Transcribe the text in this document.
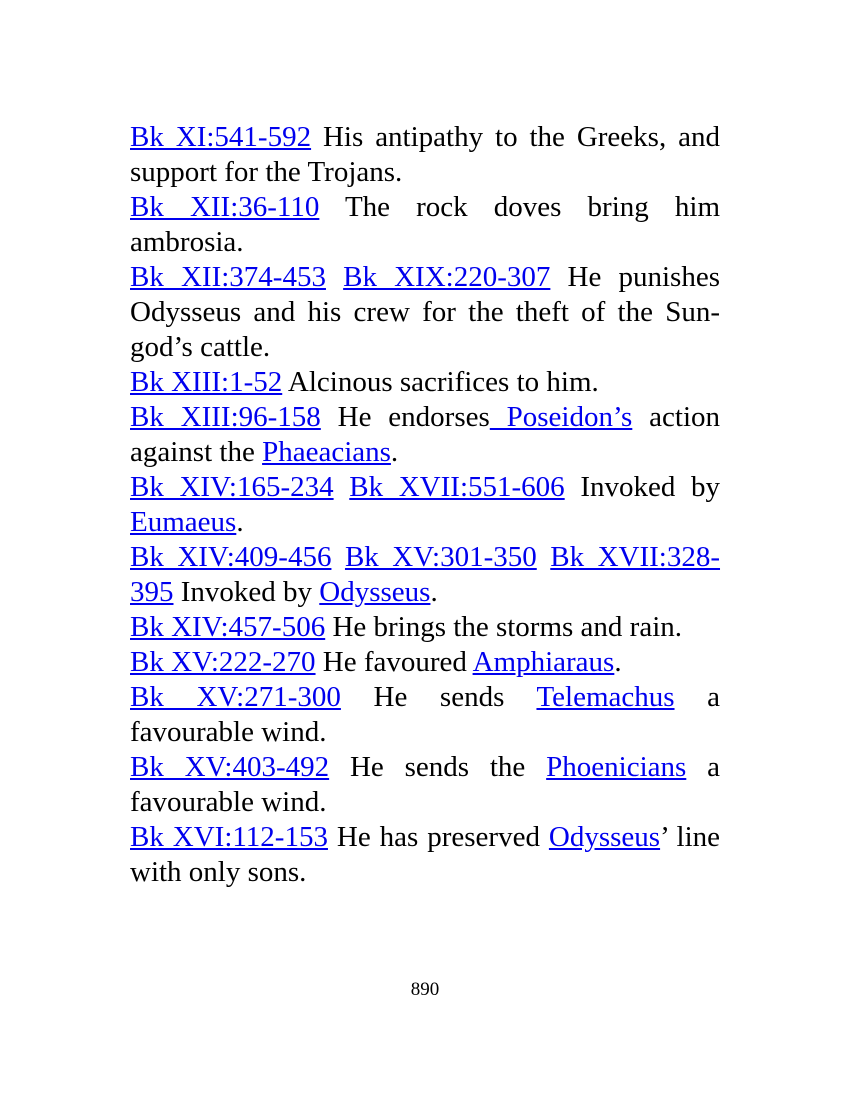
Bk XI:541-592 His antipathy to the Greeks, and support for the Trojans.

Bk XII:36-110 The rock doves bring him ambrosia.

Bk XII:374-453 Bk XIX:220-307 He punishes Odysseus and his crew for the theft of the Sun-god’s cattle.

Bk XIII:1-52 Alcinous sacrifices to him.

Bk XIII:96-158 He endorses Poseidon’s action against the Phaeacians.

Bk XIV:165-234 Bk XVII:551-606 Invoked by Eumaeus.

Bk XIV:409-456 Bk XV:301-350 Bk XVII:328-395 Invoked by Odysseus.

Bk XIV:457-506 He brings the storms and rain.

Bk XV:222-270 He favoured Amphiaraus.

Bk XV:271-300 He sends Telemachus a favourable wind.

Bk XV:403-492 He sends the Phoenicians a favourable wind.

Bk XVI:112-153 He has preserved Odysseus’ line with only sons.

890
